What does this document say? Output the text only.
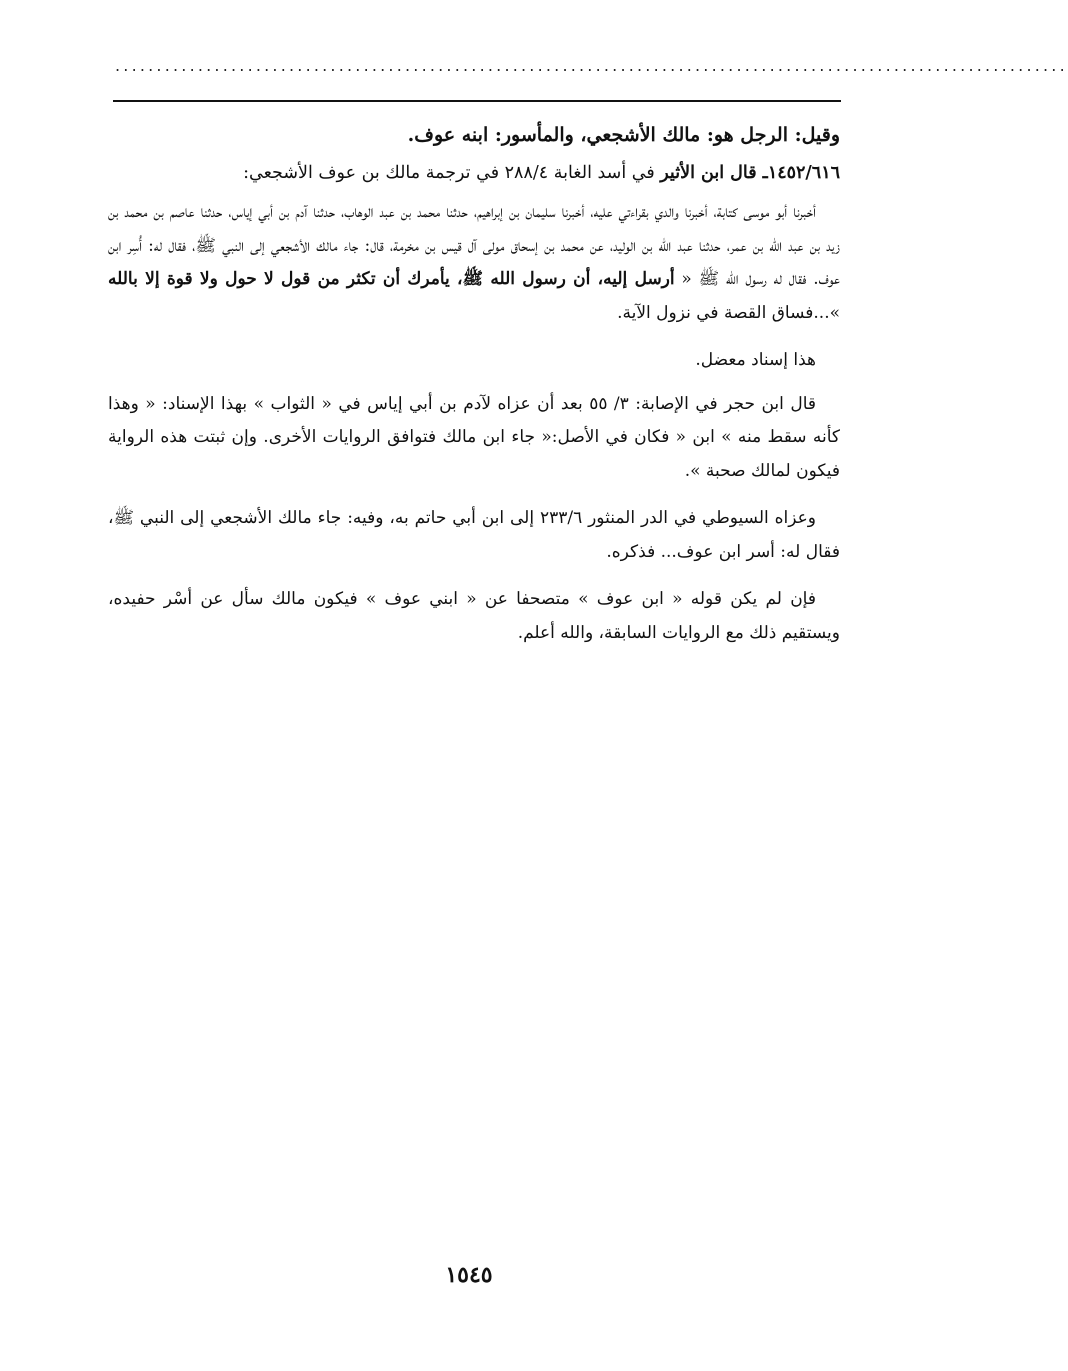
...................................................................................................................

وقيل: الرجل هو: مالك الأشجعي، والمأسور: ابنه عوف.

١٤٥٢/٦١٦ـ قال ابن الأثير في أسد الغابة ٢٨٨/٤ في ترجمة مالك بن عوف الأشجعي:

أخبرنا أبو موسى كتابة، أخبرنا والدي بقراءتي عليه، أخبرنا سليمان بن إبراهيم، حدثنا محمد بن عبد الوهاب، حدثنا آدم بن أبي إياس، حدثنا عاصم بن محمد بن زيد بن عبد الله بن عمر، حدثنا عبد الله بن الوليد، عن محمد بن إسحاق مولى آل قيس بن مخرمة، قال: جاء مالك الأشجعي إلى النبي ﷺ، فقال له: أُسِر ابن عوف. فقال له رسول الله ﷺ « أرسل إليه، أن رسول الله ﷺ، يأمرك أن تكثر من قول لا حول ولا قوة إلا بالله »...فساق القصة في نزول الآية.

هذا إسناد معضل.

قال ابن حجر في الإصابة: ٣/ ٥٥ بعد أن عزاه لآدم بن أبي إياس في « الثواب » بهذا الإسناد: « وهذا كأنه سقط منه » ابن « فكان في الأصل:« جاء ابن مالك فتوافق الروايات الأخرى. وإن ثبتت هذه الرواية فيكون لمالك صحبة ».

وعزاه السيوطي في الدر المنثور ٢٣٣/٦ إلى ابن أبي حاتم به، وفيه: جاء مالك الأشجعي إلى النبي ﷺ، فقال له: أسر ابن عوف... فذكره.

فإن لم يكن قوله « ابن عوف » متصحفا عن « ابني عوف » فيكون مالك سأل عن أسْر حفيده، ويستقيم ذلك مع الروايات السابقة، والله أعلم.

١٥٤٥
